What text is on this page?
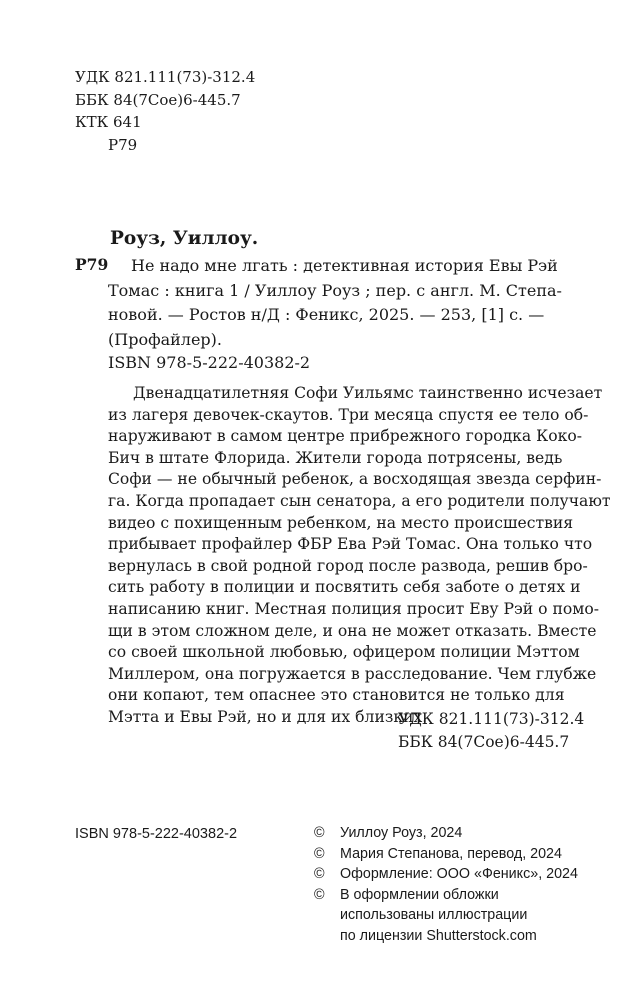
УДК 821.111(73)-312.4
ББК 84(7Сое)6-445.7
КТК 641
Р79
Роуз, Уиллоу.
Р79	Не надо мне лгать : детективная история Евы Рэй
Томас : книга 1 / Уиллоу Роуз ; пер. с англ. М. Степа-
новой. — Ростов н/Д : Феникс, 2025. — 253, [1] с. —
(Профайлер).
ISBN 978-5-222-40382-2
Двенадцатилетняя Софи Уильямс таинственно исчезает
из лагеря девочек-скаутов. Три месяца спустя ее тело об-
наруживают в самом центре прибрежного городка Коко-
Бич в штате Флорида. Жители города потрясены, ведь
Софи — не обычный ребенок, а восходящая звезда серфин-
га. Когда пропадает сын сенатора, а его родители получают
видео с похищенным ребенком, на место происшествия
прибывает профайлер ФБР Ева Рэй Томас. Она только что
вернулась в свой родной город после развода, решив бро-
сить работу в полиции и посвятить себя заботе о детях и
написанию книг. Местная полиция просит Еву Рэй о помо-
щи в этом сложном деле, и она не может отказать. Вместе
со своей школьной любовью, офицером полиции Мэттом
Миллером, она погружается в расследование. Чем глубже
они копают, тем опаснее это становится не только для
Мэтта и Евы Рэй, но и для их близких.
УДК 821.111(73)-312.4
ББК 84(7Сое)6-445.7
ISBN 978-5-222-40382-2	©	Уиллоу Роуз, 2024
©	Мария Степанова, перевод, 2024
©	Оформление: ООО «Феникс», 2024
©	В оформлении обложки
использованы иллюстрации
по лицензии Shutterstock.com
